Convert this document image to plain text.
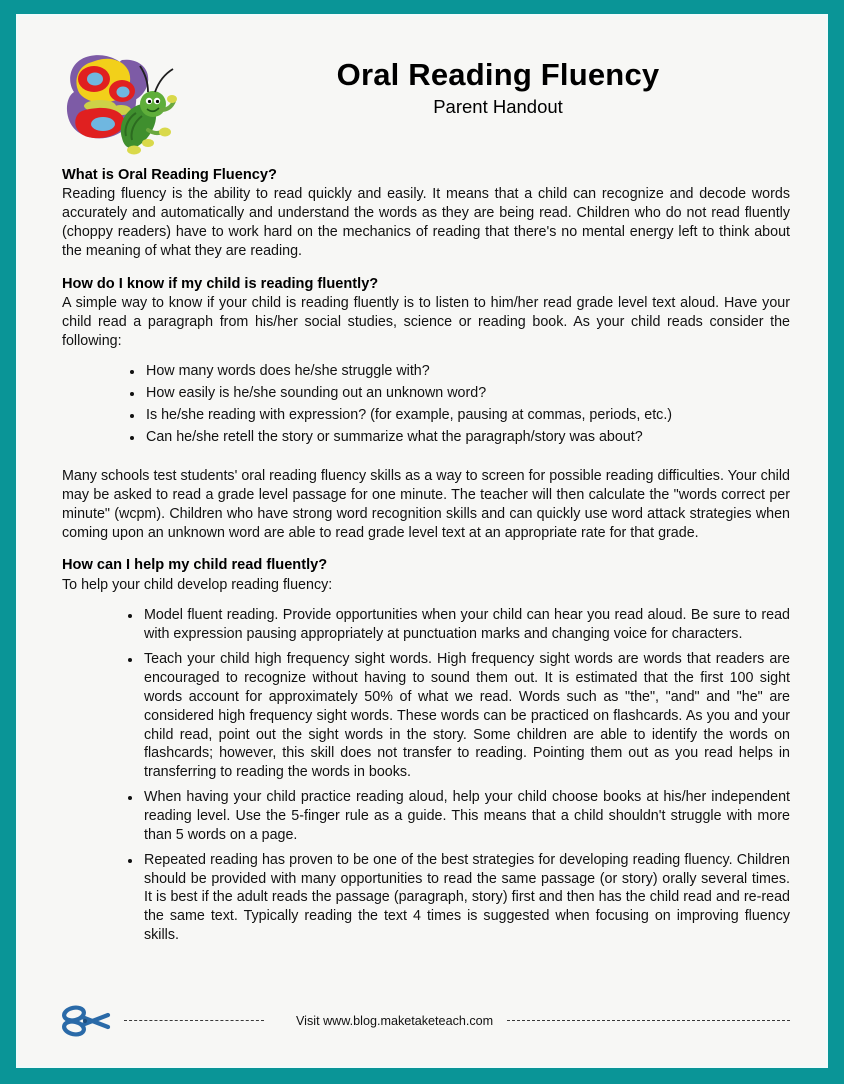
Oral Reading Fluency
Parent Handout
What is Oral Reading Fluency?

Reading fluency is the ability to read quickly and easily. It means that a child can recognize and decode words accurately and automatically and understand the words as they are being read. Children who do not read fluently (choppy readers) have to work hard on the mechanics of reading that there's no mental energy left to think about the meaning of what they are reading.

How do I know if my child is reading fluently?

A simple way to know if your child is reading fluently is to listen to him/her read grade level text aloud. Have your child read a paragraph from his/her social studies, science or reading book. As your child reads consider the following:

How many words does he/she struggle with?
How easily is he/she sounding out an unknown word?
Is he/she reading with expression? (for example, pausing at commas, periods, etc.)
Can he/she retell the story or summarize what the paragraph/story was about?

Many schools test students' oral reading fluency skills as a way to screen for possible reading difficulties. Your child may be asked to read a grade level passage for one minute. The teacher will then calculate the "words correct per minute" (wcpm). Children who have strong word recognition skills and can quickly use word attack strategies when coming upon an unknown word are able to read grade level text at an appropriate rate for that grade.

How can I help my child read fluently?

To help your child develop reading fluency:

Model fluent reading. Provide opportunities when your child can hear you read aloud. Be sure to read with expression pausing appropriately at punctuation marks and changing voice for characters.
Teach your child high frequency sight words. High frequency sight words are words that readers are encouraged to recognize without having to sound them out. It is estimated that the first 100 sight words account for approximately 50% of what we read. Words such as "the", "and" and "he" are considered high frequency sight words. These words can be practiced on flashcards. As you and your child read, point out the sight words in the story. Some children are able to identify the words on flashcards; however, this skill does not transfer to reading. Pointing them out as you read helps in transferring to reading the words in books.
When having your child practice reading aloud, help your child choose books at his/her independent reading level. Use the 5-finger rule as a guide. This means that a child shouldn't struggle with more than 5 words on a page.
Repeated reading has proven to be one of the best strategies for developing reading fluency. Children should be provided with many opportunities to read the same passage (or story) orally several times. It is best if the adult reads the passage (paragraph, story) first and then has the child read and re-read the same text. Typically reading the text 4 times is suggested when focusing on improving fluency skills.
Visit www.blog.maketaketeach.com
